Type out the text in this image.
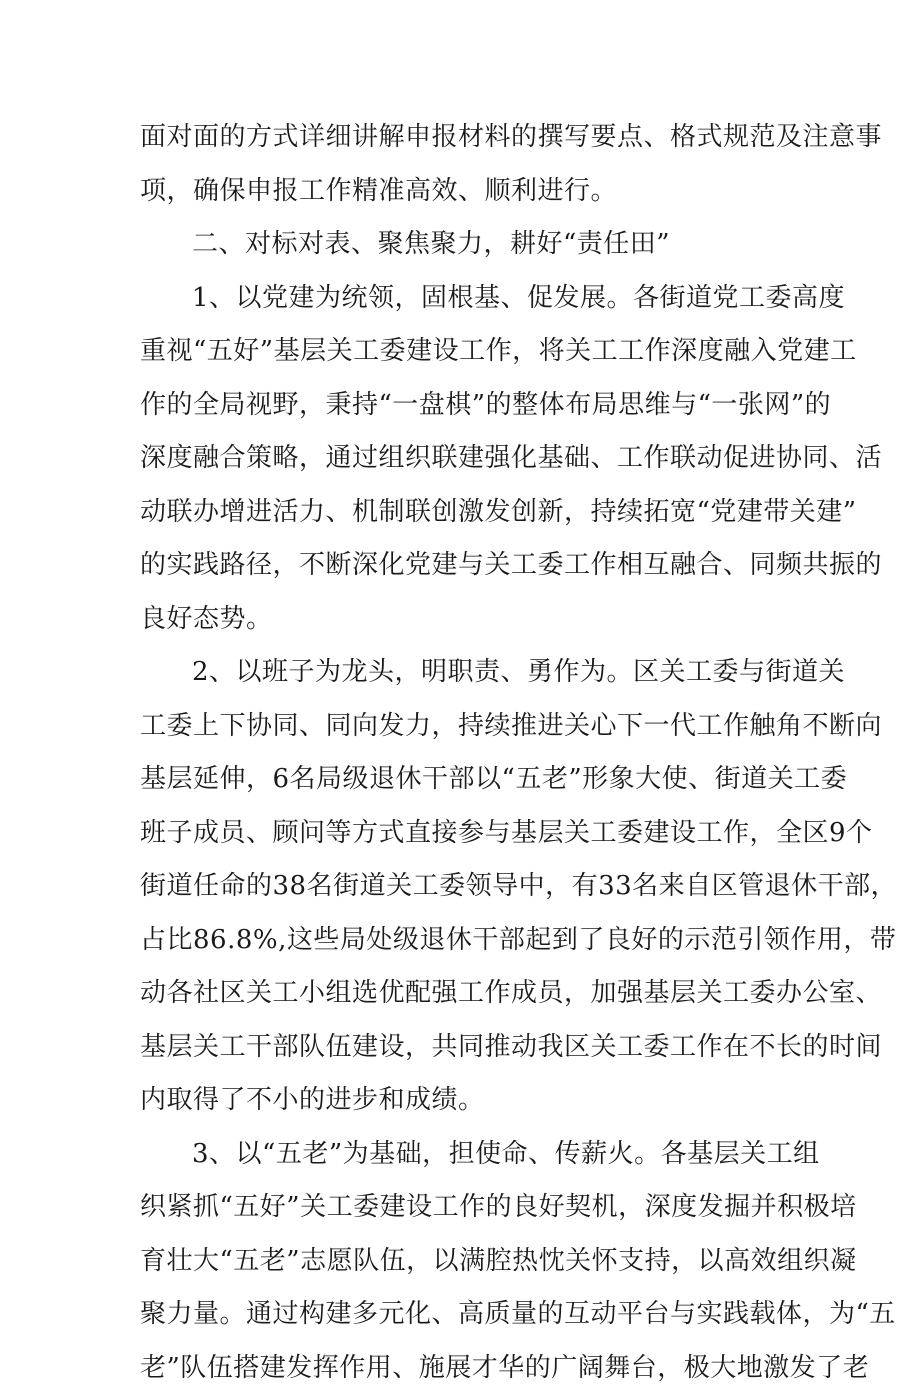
面对面的方式详细讲解申报材料的撰写要点、格式规范及注意事
项，确保申报工作精准高效、顺利进行。
二、对标对表、聚焦聚力，耕好“责任田”
1、以党建为统领，固根基、促发展。各街道党工委高度
重视“五好”基层关工委建设工作，将关工工作深度融入党建工
作的全局视野，秉持“一盘棋”的整体布局思维与“一张网”的
深度融合策略，通过组织联建强化基础、工作联动促进协同、活
动联办增进活力、机制联创激发创新，持续拓宽“党建带关建”
的实践路径，不断深化党建与关工委工作相互融合、同频共振的
良好态势。
2、以班子为龙头，明职责、勇作为。区关工委与街道关
工委上下协同、同向发力，持续推进关心下一代工作触角不断向
基层延伸，6名局级退休干部以“五老”形象大使、街道关工委
班子成员、顾问等方式直接参与基层关工委建设工作，全区9个
街道任命的38名街道关工委领导中，有33名来自区管退休干部，
占比86.8%,这些局处级退休干部起到了良好的示范引领作用，带
动各社区关工小组选优配强工作成员，加强基层关工委办公室、
基层关工干部队伍建设，共同推动我区关工委工作在不长的时间
内取得了不小的进步和成绩。
3、以“五老”为基础，担使命、传薪火。各基层关工组
织紧抓“五好”关工委建设工作的良好契机，深度发掘并积极培
育壮大“五老”志愿队伍，以满腔热忱关怀支持，以高效组织凝
聚力量。通过构建多元化、高质量的互动平台与实践载体，为“五
老”队伍搭建发挥作用、施展才华的广阔舞台，极大地激发了老
